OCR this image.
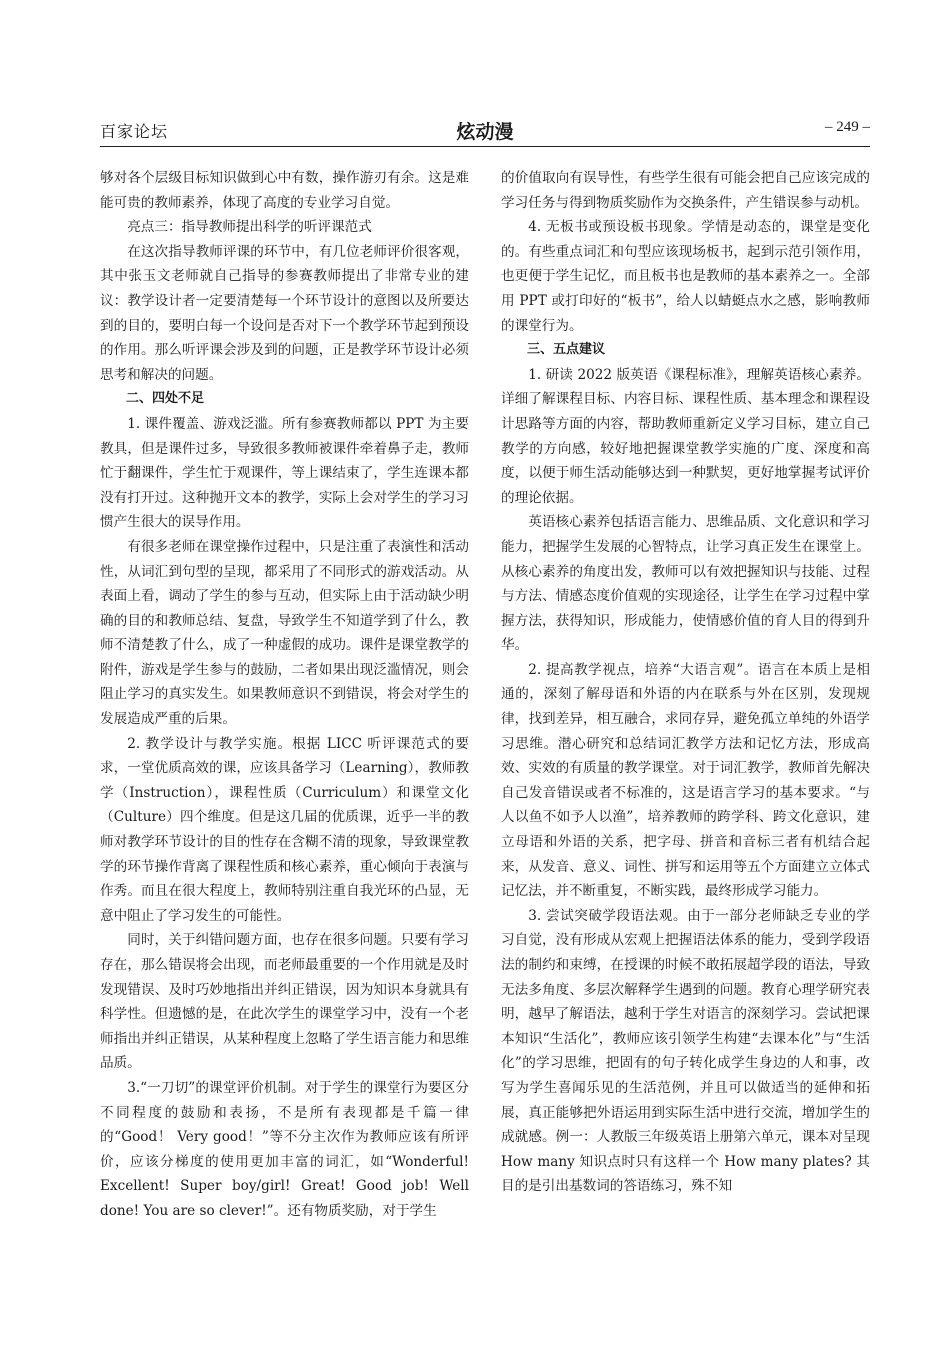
百家论坛	炫动漫	– 249 –

够对各个层级目标知识做到心中有数，操作游刃有余。这是难能可贵的教师素养，体现了高度的专业学习自觉。

亮点三：指导教师提出科学的听评课范式

在这次指导教师评课的环节中，有几位老师评价很客观，其中张玉文老师就自己指导的参赛教师提出了非常专业的建议：教学设计者一定要清楚每一个环节设计的意图以及所要达到的目的，要明白每一个设问是否对下一个教学环节起到预设的作用。那么听评课会涉及到的问题，正是教学环节设计必须思考和解决的问题。

二、四处不足

1. 课件覆盖、游戏泛滥。所有参赛教师都以 PPT 为主要教具，但是课件过多，导致很多教师被课件牵着鼻子走，教师忙于翻课件，学生忙于观课件，等上课结束了，学生连课本都没有打开过。这种抛开文本的教学，实际上会对学生的学习习惯产生很大的误导作用。

有很多老师在课堂操作过程中，只是注重了表演性和活动性，从词汇到句型的呈现，都采用了不同形式的游戏活动。从表面上看，调动了学生的参与互动，但实际上由于活动缺少明确的目的和教师总结、复盘，导致学生不知道学到了什么，教师不清楚教了什么，成了一种虚假的成功。课件是课堂教学的附件，游戏是学生参与的鼓励，二者如果出现泛滥情况，则会阻止学习的真实发生。如果教师意识不到错误，将会对学生的发展造成严重的后果。

2. 教学设计与教学实施。根据 LICC 听评课范式的要求，一堂优质高效的课，应该具备学习（Learning），教师教学（Instruction），课程性质（Curriculum）和课堂文化（Culture）四个维度。但是这几届的优质课，近乎一半的教师对教学环节设计的目的性存在含糊不清的现象，导致课堂教学的环节操作背离了课程性质和核心素养，重心倾向于表演与作秀。而且在很大程度上，教师特别注重自我光环的凸显，无意中阻止了学习发生的可能性。

同时，关于纠错问题方面，也存在很多问题。只要有学习存在，那么错误将会出现，而老师最重要的一个作用就是及时发现错误、及时巧妙地指出并纠正错误，因为知识本身就具有科学性。但遗憾的是，在此次学生的课堂学习中，没有一个老师指出并纠正错误，从某种程度上忽略了学生语言能力和思维品质。

3.“一刀切”的课堂评价机制。对于学生的课堂行为要区分不同程度的鼓励和表扬，不是所有表现都是千篇一律的“Good！ Very good！”等不分主次作为教师应该有所评价，应该分梯度的使用更加丰富的词汇，如“Wonderful! Excellent! Super boy/girl! Great! Good job! Well done! You are so clever!”。还有物质奖励，对于学生

的价值取向有误导性，有些学生很有可能会把自己应该完成的学习任务与得到物质奖励作为交换条件，产生错误参与动机。

4. 无板书或预设板书现象。学情是动态的，课堂是变化的。有些重点词汇和句型应该现场板书，起到示范引领作用，也更便于学生记忆，而且板书也是教师的基本素养之一。全部用 PPT 或打印好的“板书”，给人以蜻蜓点水之感，影响教师的课堂行为。

三、五点建议

1. 研读 2022 版英语《课程标准》，理解英语核心素养。详细了解课程目标、内容目标、课程性质、基本理念和课程设计思路等方面的内容，帮助教师重新定义学习目标，建立自己教学的方向感，较好地把握课堂教学实施的广度、深度和高度，以便于师生活动能够达到一种默契，更好地掌握考试评价的理论依据。

英语核心素养包括语言能力、思维品质、文化意识和学习能力，把握学生发展的心智特点，让学习真正发生在课堂上。从核心素养的角度出发，教师可以有效把握知识与技能、过程与方法、情感态度价值观的实现途径，让学生在学习过程中掌握方法，获得知识，形成能力，使情感价值的育人目的得到升华。

2. 提高教学视点，培养“大语言观”。语言在本质上是相通的，深刻了解母语和外语的内在联系与外在区别，发现规律，找到差异，相互融合，求同存异，避免孤立单纯的外语学习思维。潜心研究和总结词汇教学方法和记忆方法，形成高效、实效的有质量的教学课堂。对于词汇教学，教师首先解决自己发音错误或者不标准的，这是语言学习的基本要求。“与人以鱼不如予人以渔”，培养教师的跨学科、跨文化意识，建立母语和外语的关系，把字母、拼音和音标三者有机结合起来，从发音、意义、词性、拼写和运用等五个方面建立立体式记忆法，并不断重复，不断实践，最终形成学习能力。

3. 尝试突破学段语法观。由于一部分老师缺乏专业的学习自觉，没有形成从宏观上把握语法体系的能力，受到学段语法的制约和束缚，在授课的时候不敢拓展超学段的语法，导致无法多角度、多层次解释学生遇到的问题。教育心理学研究表明，越早了解语法，越利于学生对语言的深刻学习。尝试把课本知识“生活化”，教师应该引领学生构建“去课本化”与“生活化”的学习思维，把固有的句子转化成学生身边的人和事，改写为学生喜闻乐见的生活范例，并且可以做适当的延伸和拓展，真正能够把外语运用到实际生活中进行交流，增加学生的成就感。例一：人教版三年级英语上册第六单元，课本对呈现 How many 知识点时只有这样一个 How many plates? 其目的是引出基数词的答语练习，殊不知
